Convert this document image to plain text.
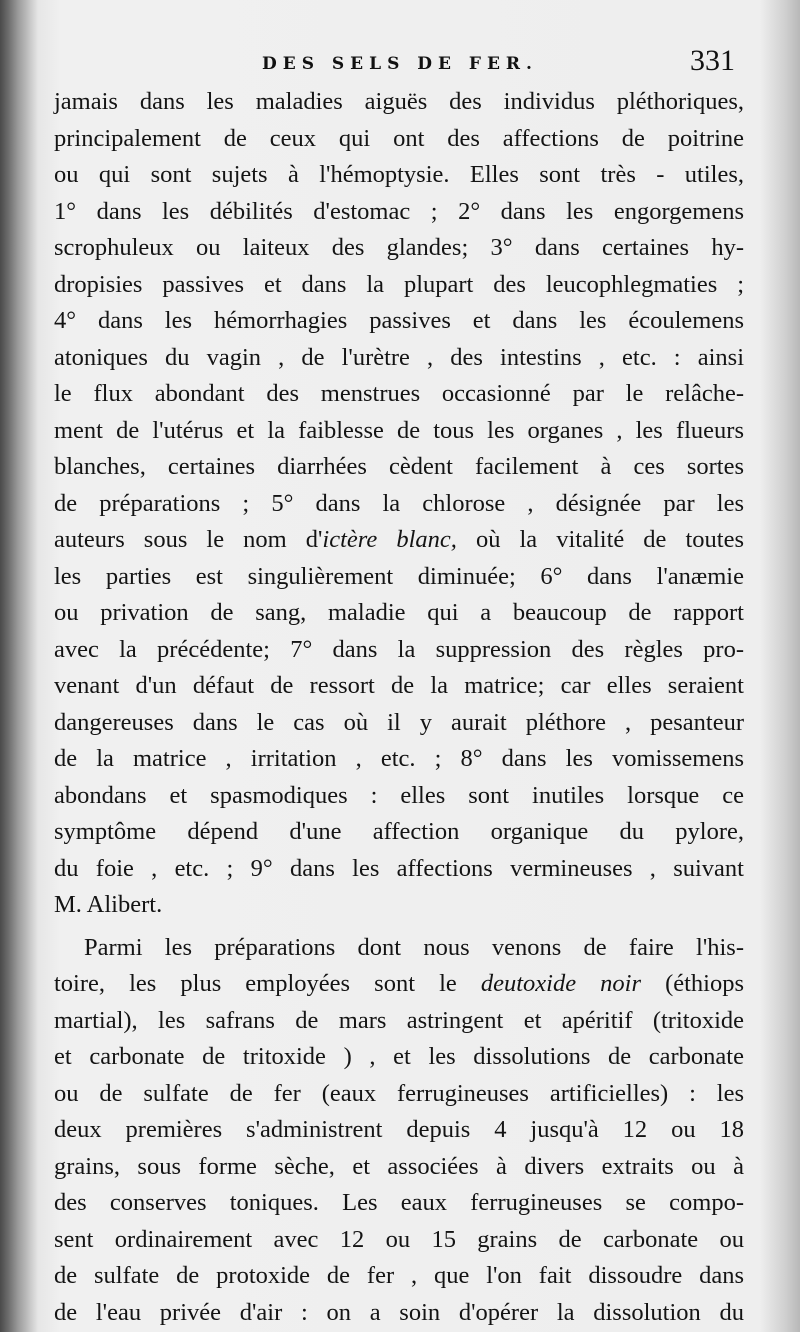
DES SELS DE FER.	331
jamais dans les maladies aiguës des individus pléthoriques,
principalement de ceux qui ont des affections de poitrine
ou qui sont sujets à l'hémoptysie. Elles sont très - utiles,
1° dans les débilités d'estomac ; 2° dans les engorgemens
scrophuleux ou laiteux des glandes; 3° dans certaines hy-
dropisies passives et dans la plupart des leucophlegmaties ;
4° dans les hémorrhagies passives et dans les écoulemens
atoniques du vagin , de l'urètre , des intestins , etc. : ainsi
le flux abondant des menstrues occasionné par le relâche-
ment de l'utérus et la faiblesse de tous les organes , les flueurs
blanches, certaines diarrhées cèdent facilement à ces sortes
de préparations ; 5° dans la chlorose , désignée par les
auteurs sous le nom d'ictère blanc, où la vitalité de toutes
les parties est singulièrement diminuée; 6° dans l'anæmie
ou privation de sang, maladie qui a beaucoup de rapport
avec la précédente; 7° dans la suppression des règles pro-
venant d'un défaut de ressort de la matrice; car elles seraient
dangereuses dans le cas où il y aurait pléthore , pesanteur
de la matrice , irritation , etc. ; 8° dans les vomissemens
abondans et spasmodiques : elles sont inutiles lorsque ce
symptôme dépend d'une affection organique du pylore,
du foie , etc. ; 9° dans les affections vermineuses , suivant
M. Alibert.
Parmi les préparations dont nous venons de faire l'his-
toire, les plus employées sont le deutoxide noir (éthiops
martial), les safrans de mars astringent et apéritif (tritoxide
et carbonate de tritoxide ) , et les dissolutions de carbonate
ou de sulfate de fer (eaux ferrugineuses artificielles) : les
deux premières s'administrent depuis 4 jusqu'à 12 ou 18
grains, sous forme sèche, et associées à divers extraits ou à
des conserves toniques. Les eaux ferrugineuses se compo-
sent ordinairement avec 12 ou 15 grains de carbonate ou
de sulfate de protoxide de fer , que l'on fait dissoudre dans
de l'eau privée d'air : on a soin d'opérer la dissolution du
